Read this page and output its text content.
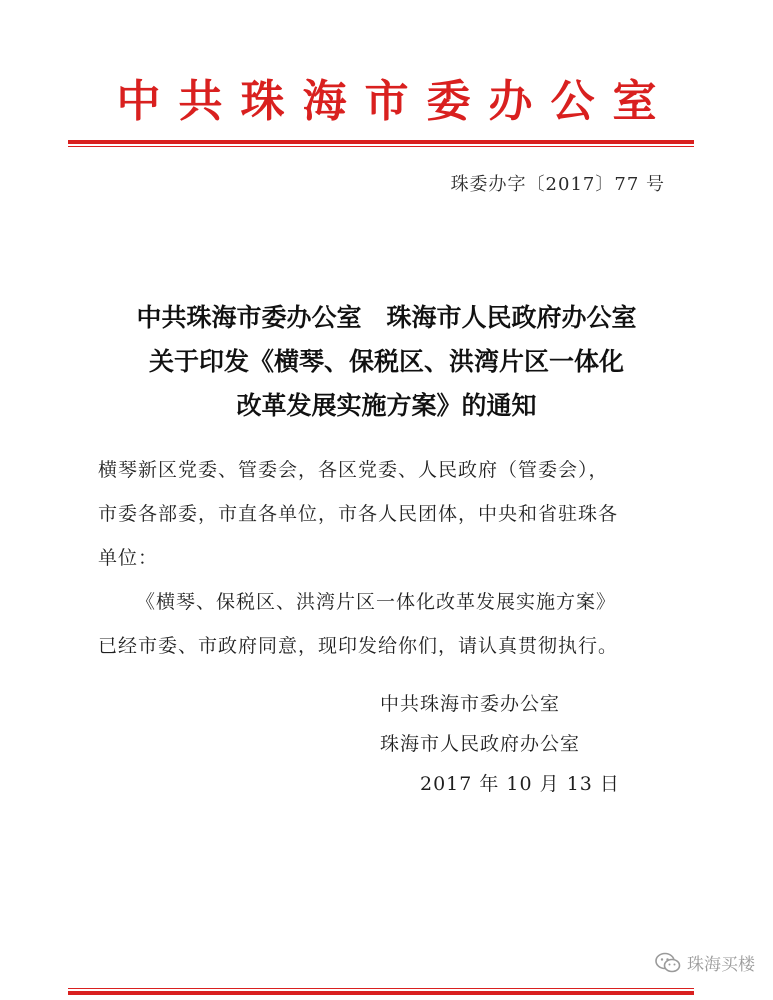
中共珠海市委办公室
珠委办字〔2017〕77 号
中共珠海市委办公室　珠海市人民政府办公室
关于印发《横琴、保税区、洪湾片区一体化
改革发展实施方案》的通知

横琴新区党委、管委会，各区党委、人民政府（管委会），

市委各部委，市直各单位，市各人民团体，中央和省驻珠各

单位：

《横琴、保税区、洪湾片区一体化改革发展实施方案》

已经市委、市政府同意，现印发给你们，请认真贯彻执行。

中共珠海市委办公室
珠海市人民政府办公室
2017 年 10 月 13 日
珠海买楼
